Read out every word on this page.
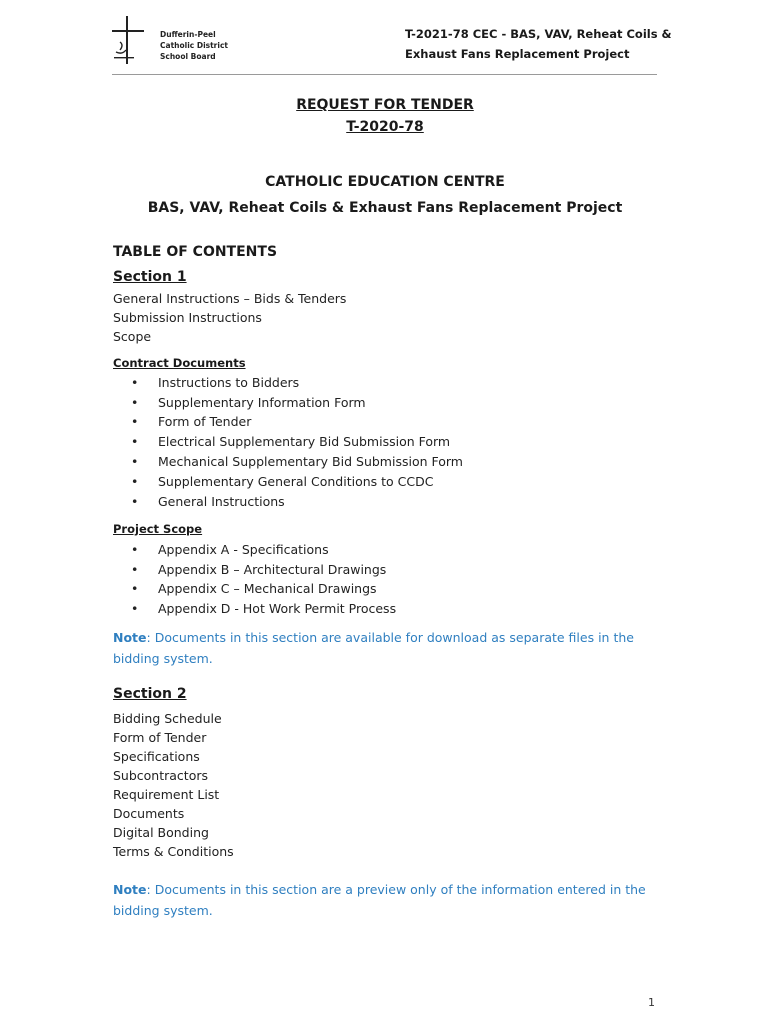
Dufferin-Peel
Catholic District
School Board
T-2021-78 CEC - BAS, VAV, Reheat Coils &
Exhaust Fans Replacement Project
REQUEST FOR TENDER
T-2020-78
CATHOLIC EDUCATION CENTRE
BAS, VAV, Reheat Coils & Exhaust Fans Replacement Project
TABLE OF CONTENTS
Section 1
General Instructions – Bids & Tenders
Submission Instructions
Scope
Contract Documents
• Instructions to Bidders
• Supplementary Information Form
• Form of Tender
• Electrical Supplementary Bid Submission Form
• Mechanical Supplementary Bid Submission Form
• Supplementary General Conditions to CCDC
• General Instructions
Project Scope
• Appendix A - Specifications
• Appendix B – Architectural Drawings
• Appendix C – Mechanical Drawings
• Appendix D - Hot Work Permit Process
Note: Documents in this section are available for download as separate files in the bidding system.
Section 2
Bidding Schedule
Form of Tender
Specifications
Subcontractors
Requirement List
Documents
Digital Bonding
Terms & Conditions
Note: Documents in this section are a preview only of the information entered in the bidding system.
1
